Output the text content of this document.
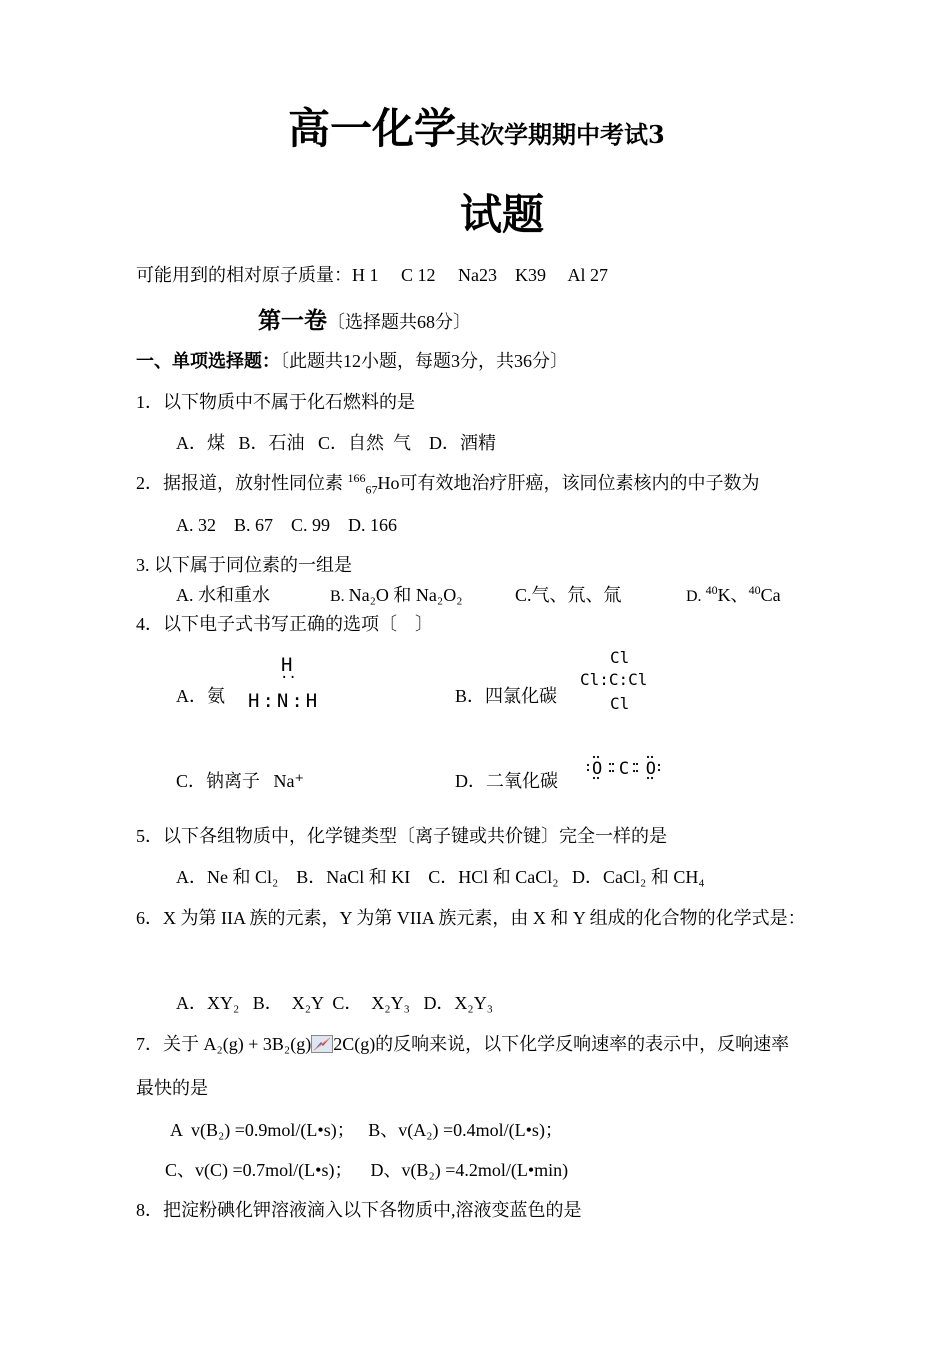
高一化学其次学期期中考试3
试题
可能用到的相对原子质量：H 1     C 12     Na23    K39     Al 27
第一卷〔选择题共68分〕
一、单项选择题：〔此题共12小题，每题3分，共36分〕
1．以下物质中不属于化石燃料的是
A．煤   B．石油   C．自然  气    D．酒精
2．据报道，放射性同位素 $^{166}_{67}$Ho可有效地治疗肝癌，该同位素核内的中子数为
A. 32    B. 67    C. 99    D. 166
3. 以下属于同位素的一组是
A. 水和重水	B. Na₂O 和 Na₂O₂	C.气、氘、氚	D. $^{40}$K、$^{40}$Ca
4．以下电子式书写正确的选项〔    〕
A．氨
H
··
H:N:H	B．四氯化碳
Cl
Cl:C:Cl
Cl
C．钠离子   Na⁺	D．二氧化碳
O C O
5．以下各组物质中，化学键类型〔离子键或共价键〕完全一样的是
A．Ne 和 Cl₂    B．NaCl 和 KI    C．HCl 和 CaCl₂   D．CaCl₂ 和 CH₄
6．X 为第 IIA 族的元素，Y 为第 VIIA 族元素，由 X 和 Y 组成的化合物的化学式是：
A．XY₂   B．  X₂Y  C．  X₂Y₃   D．X₂Y₃
7．关于 A₂(g) + 3B₂(g) 2C(g)的反响来说，以下化学反响速率的表示中，反响速率
最快的是
A  v(B₂) =0.9mol/(L•s)；   B、v(A₂) =0.4mol/(L•s)；
C、v(C) =0.7mol/(L•s)；    D、v(B₂) =4.2mol/(L•min)
8．把淀粉碘化钾溶液滴入以下各物质中,溶液变蓝色的是
